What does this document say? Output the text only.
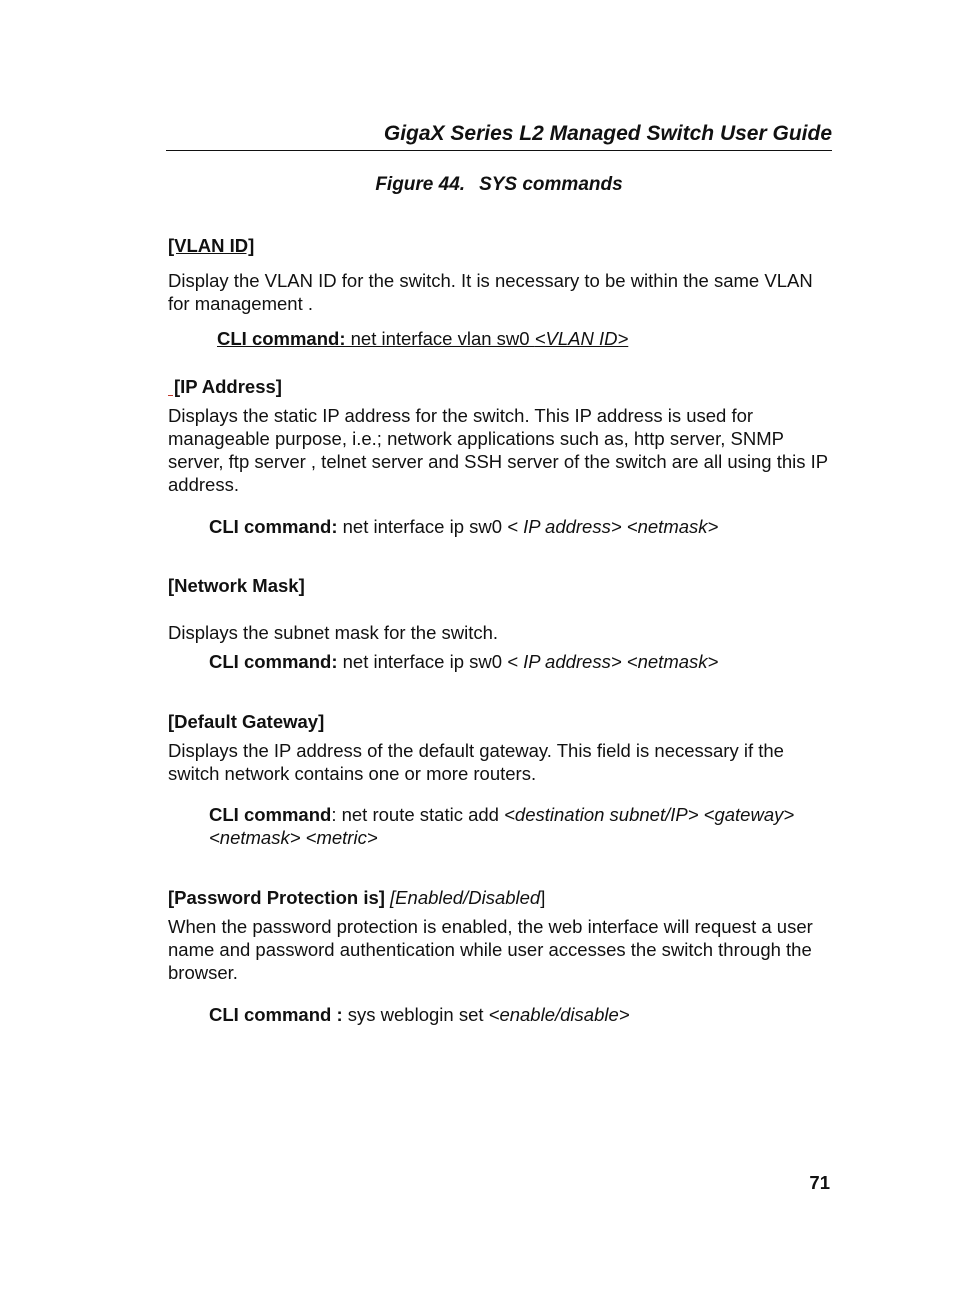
GigaX Series L2 Managed Switch User Guide
Figure 44. SYS commands
[VLAN ID]
Display the VLAN ID for the switch. It is necessary to be within the same VLAN for management .
CLI command: net interface vlan sw0 <VLAN ID>
[IP Address]
Displays the static IP address for the switch. This IP address is used for manageable purpose, i.e.; network applications such as, http server, SNMP server, ftp server , telnet server and SSH server of the switch are all using this IP address.
CLI command: net interface ip sw0 < IP address> <netmask>
[Network Mask]
Displays the subnet mask for the switch.
CLI command: net interface ip sw0 < IP address> <netmask>
[Default Gateway]
Displays the IP address of the default gateway. This field is necessary if the switch network contains one or more routers.
CLI command: net route static add <destination subnet/IP> <gateway>
<netmask> <metric>
[Password Protection is] [Enabled/Disabled]
When the password protection is enabled, the web interface will request a user name and password authentication while user accesses the switch through the browser.
CLI command : sys weblogin set <enable/disable>
71
